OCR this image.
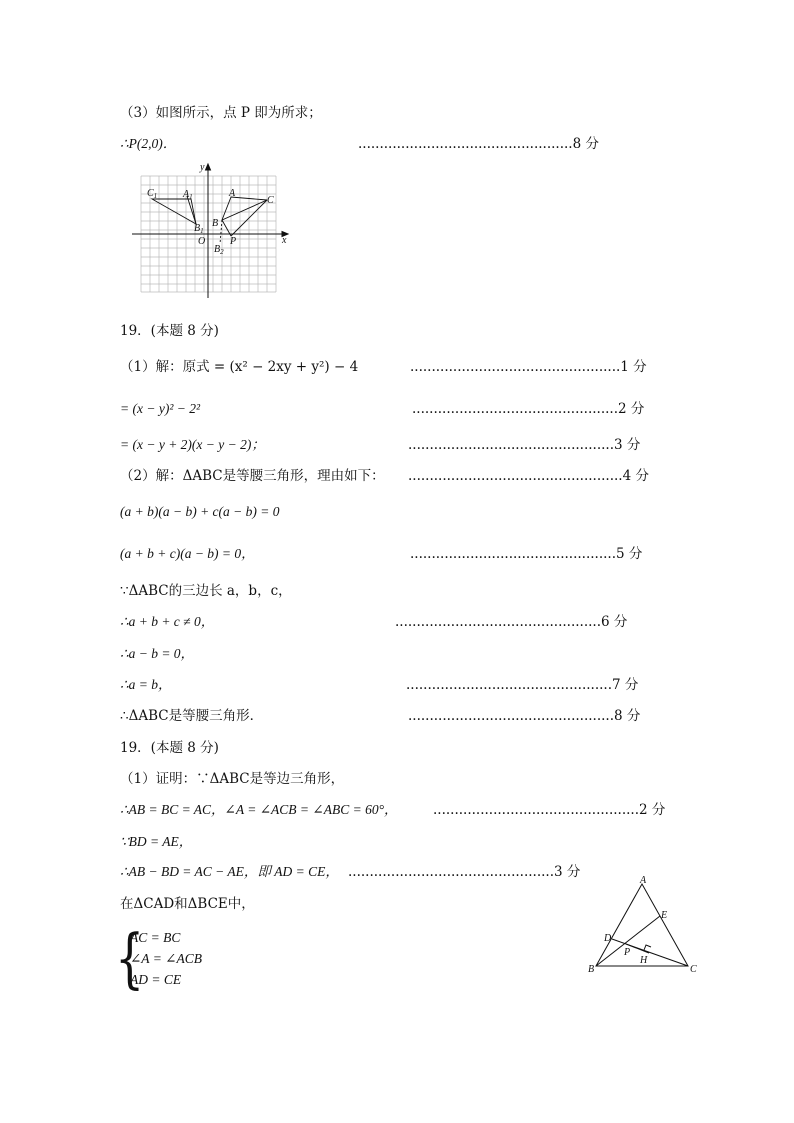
（3）如图所示，点 P 即为所求；
∴P(2,0)．	..................................................8 分
x
y
O
A
B
C
$A_1$
$B_1$
$C_1$
$B_2$
P
19．(本题 8 分)
（1）解：原式 = (x² − 2xy + y²) − 4	.................................................1 分
= (x − y)² − 2²	................................................2 分
= (x − y + 2)(x − y − 2)；	................................................3 分
（2）解：ΔABC是等腰三角形，理由如下： ..................................................4 分
(a + b)(a − b) + c(a − b) = 0
(a + b + c)(a − b) = 0，	................................................5 分
∵ΔABC的三边长 a，b，c，
∴a + b + c ≠ 0，	................................................6 分
∴a − b = 0，
∴a = b，	................................................7 分
∴ΔABC是等腰三角形．	................................................8 分
19．(本题 8 分)
（1）证明：∵ΔABC是等边三角形，
∴AB = BC = AC，∠A = ∠ACB = ∠ABC = 60°，	................................................2 分
∵BD = AE，
∴AB − BD = AC − AE，即 AD = CE， ................................................3 分
在ΔCAD和ΔBCE中，
{
AC = BC
∠A = ∠ACB
AD = CE
A
B	C
D
E
P
H
